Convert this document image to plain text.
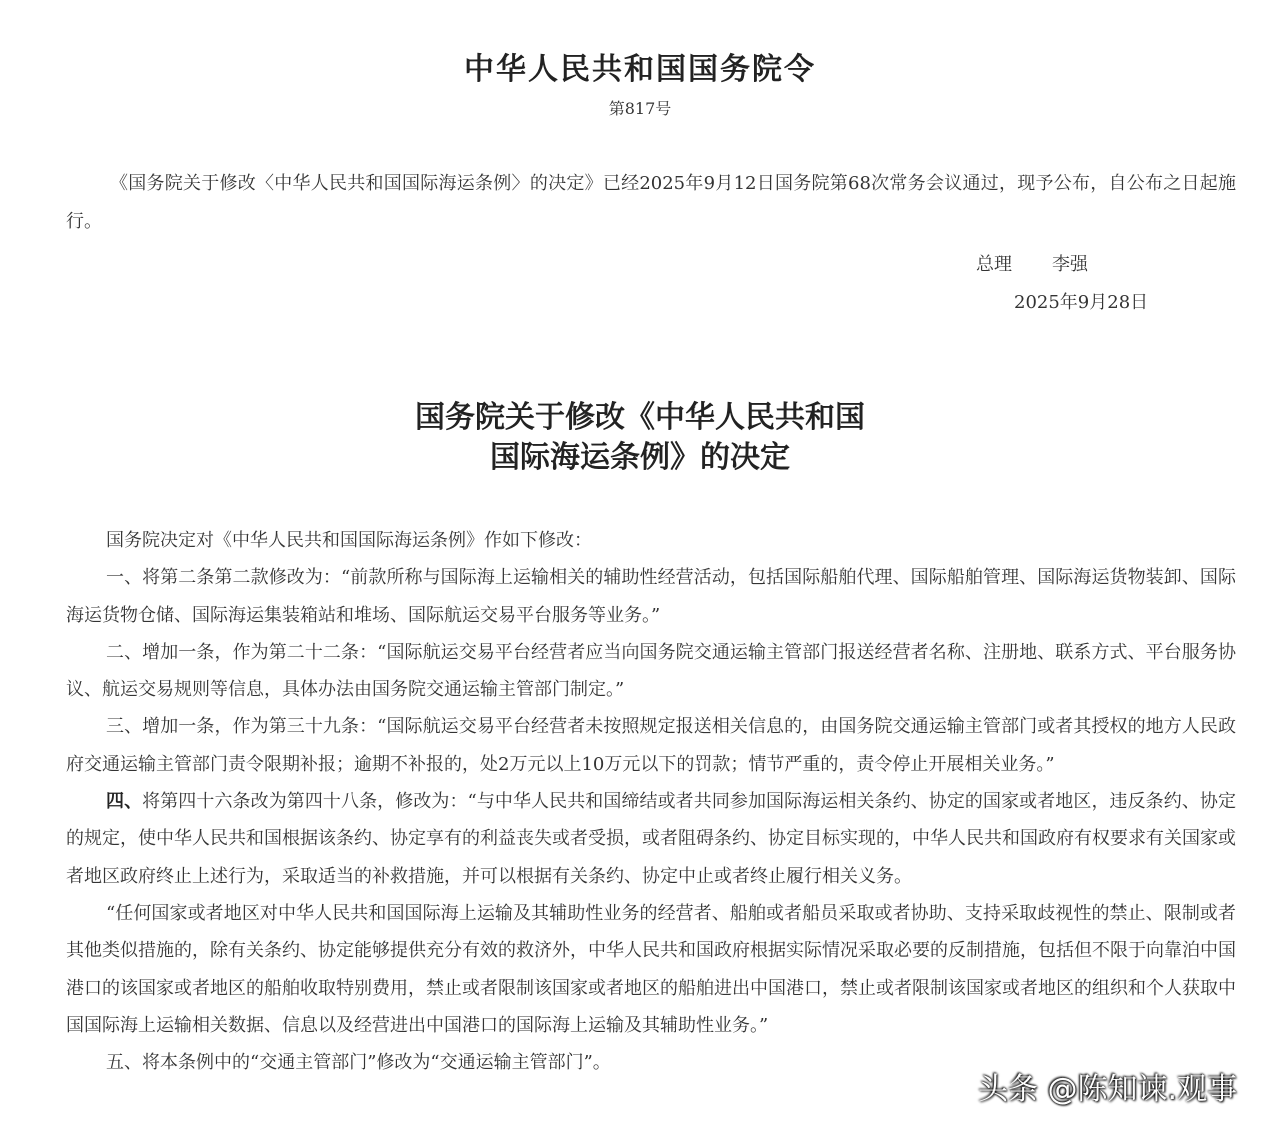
中华人民共和国国务院令
第817号
《国务院关于修改〈中华人民共和国国际海运条例〉的决定》已经2025年9月12日国务院第68次常务会议通过，现予公布，自公布之日起施行。
总理 李强
2025年9月28日
国务院关于修改《中华人民共和国
国际海运条例》的决定

国务院决定对《中华人民共和国国际海运条例》作如下修改：

一、将第二条第二款修改为：“前款所称与国际海上运输相关的辅助性经营活动，包括国际船舶代理、国际船舶管理、国际海运货物装卸、国际海运货物仓储、国际海运集装箱站和堆场、国际航运交易平台服务等业务。”

二、增加一条，作为第二十二条：“国际航运交易平台经营者应当向国务院交通运输主管部门报送经营者名称、注册地、联系方式、平台服务协议、航运交易规则等信息，具体办法由国务院交通运输主管部门制定。”

三、增加一条，作为第三十九条：“国际航运交易平台经营者未按照规定报送相关信息的，由国务院交通运输主管部门或者其授权的地方人民政府交通运输主管部门责令限期补报；逾期不补报的，处2万元以上10万元以下的罚款；情节严重的，责令停止开展相关业务。”

四、将第四十六条改为第四十八条，修改为：“与中华人民共和国缔结或者共同参加国际海运相关条约、协定的国家或者地区，违反条约、协定的规定，使中华人民共和国根据该条约、协定享有的利益丧失或者受损，或者阻碍条约、协定目标实现的，中华人民共和国政府有权要求有关国家或者地区政府终止上述行为，采取适当的补救措施，并可以根据有关条约、协定中止或者终止履行相关义务。

“任何国家或者地区对中华人民共和国国际海上运输及其辅助性业务的经营者、船舶或者船员采取或者协助、支持采取歧视性的禁止、限制或者其他类似措施的，除有关条约、协定能够提供充分有效的救济外，中华人民共和国政府根据实际情况采取必要的反制措施，包括但不限于向靠泊中国港口的该国家或者地区的船舶收取特别费用，禁止或者限制该国家或者地区的船舶进出中国港口，禁止或者限制该国家或者地区的组织和个人获取中国国际海上运输相关数据、信息以及经营进出中国港口的国际海上运输及其辅助性业务。”

五、将本条例中的“交通主管部门”修改为“交通运输主管部门”。

头条 @陈知谏.观事
